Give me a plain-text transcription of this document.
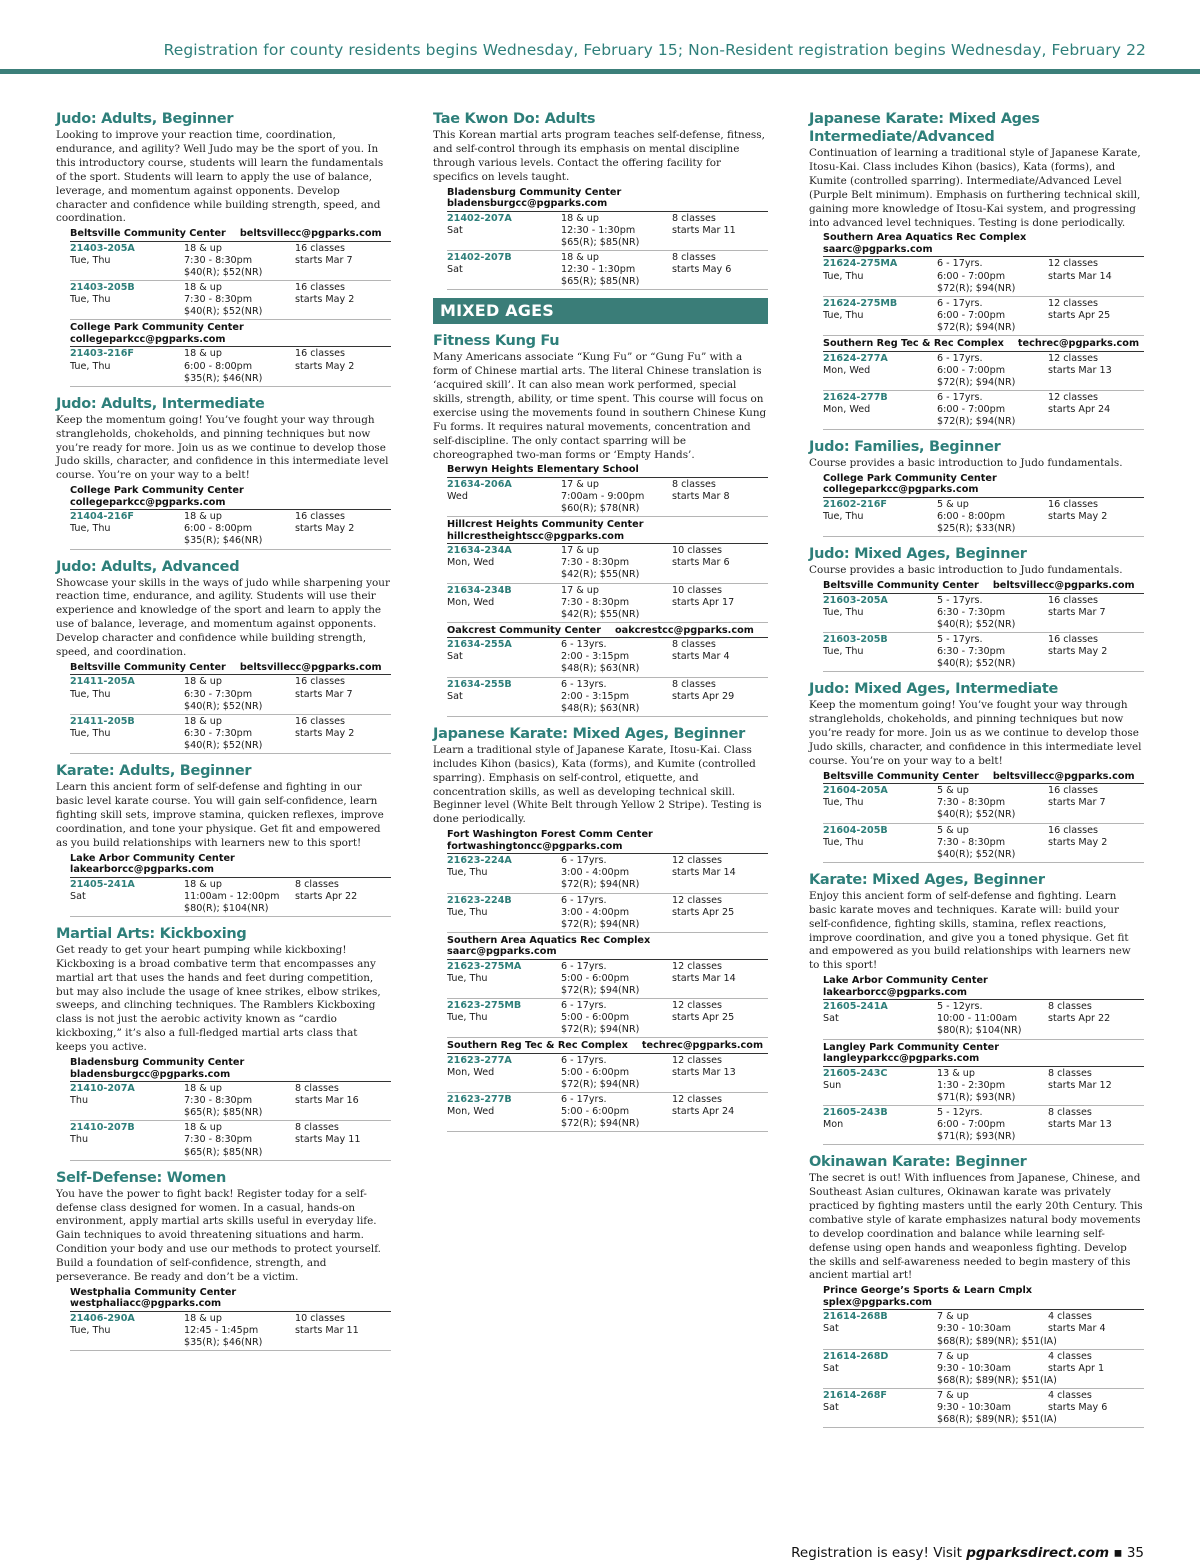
Registration for county residents begins Wednesday, February 15; Non-Resident registration begins Wednesday, February 22
Judo: Adults, Beginner
Looking to improve your reaction time, coordination, endurance, and agility? Well Judo may be the sport of you. In this introductory course, students will learn the fundamentals of the sport. Students will learn to apply the use of balance, leverage, and momentum against opponents. Develop character and confidence while building strength, speed, and coordination.
Beltsville Community Center beltsvillecc@pgparks.com
21403-205A
Tue, Thu
18 & up
7:30 - 8:30pm
$40(R); $52(NR)
16 classes
starts Mar 7
21403-205B
Tue, Thu
18 & up
7:30 - 8:30pm
$40(R); $52(NR)
16 classes
starts May 2
College Park Community Center
collegeparkcc@pgparks.com
21403-216F
Tue, Thu
18 & up
6:00 - 8:00pm
$35(R); $46(NR)
16 classes
starts May 2
Judo: Adults, Intermediate
Keep the momentum going! You’ve fought your way through strangleholds, chokeholds, and pinning techniques but now you’re ready for more. Join us as we continue to develop those Judo skills, character, and confidence in this intermediate level course. You’re on your way to a belt!
College Park Community Center
collegeparkcc@pgparks.com
21404-216F
Tue, Thu
18 & up
6:00 - 8:00pm
$35(R); $46(NR)
16 classes
starts May 2
Judo: Adults, Advanced
Showcase your skills in the ways of judo while sharpening your reaction time, endurance, and agility. Students will use their experience and knowledge of the sport and learn to apply the use of balance, leverage, and momentum against opponents. Develop character and confidence while building strength, speed, and coordination.
Beltsville Community Center beltsvillecc@pgparks.com
21411-205A
Tue, Thu
18 & up
6:30 - 7:30pm
$40(R); $52(NR)
16 classes
starts Mar 7
21411-205B
Tue, Thu
18 & up
6:30 - 7:30pm
$40(R); $52(NR)
16 classes
starts May 2
Karate: Adults, Beginner
Learn this ancient form of self-defense and fighting in our basic level karate course. You will gain self-confidence, learn fighting skill sets, improve stamina, quicken reflexes, improve coordination, and tone your physique. Get fit and empowered as you build relationships with learners new to this sport!
Lake Arbor Community Center
lakearborcc@pgparks.com
21405-241A
Sat
18 & up
11:00am - 12:00pm
$80(R); $104(NR)
8 classes
starts Apr 22
Martial Arts: Kickboxing
Get ready to get your heart pumping while kickboxing! Kickboxing is a broad combative term that encompasses any martial art that uses the hands and feet during competition, but may also include the usage of knee strikes, elbow strikes, sweeps, and clinching techniques. The Ramblers Kickboxing class is not just the aerobic activity known as “cardio kickboxing,” it’s also a full-fledged martial arts class that keeps you active.
Bladensburg Community Center
bladensburgcc@pgparks.com
21410-207A
Thu
18 & up
7:30 - 8:30pm
$65(R); $85(NR)
8 classes
starts Mar 16
21410-207B
Thu
18 & up
7:30 - 8:30pm
$65(R); $85(NR)
8 classes
starts May 11
Self-Defense: Women
You have the power to fight back! Register today for a self-defense class designed for women. In a casual, hands-on environment, apply martial arts skills useful in everyday life. Gain techniques to avoid threatening situations and harm. Condition your body and use our methods to protect yourself. Build a foundation of self-confidence, strength, and perseverance. Be ready and don’t be a victim.
Westphalia Community Center
westphaliacc@pgparks.com
21406-290A
Tue, Thu
18 & up
12:45 - 1:45pm
$35(R); $46(NR)
10 classes
starts Mar 11
Tae Kwon Do: Adults
This Korean martial arts program teaches self-defense, fitness, and self-control through its emphasis on mental discipline through various levels. Contact the offering facility for specifics on levels taught.
Bladensburg Community Center
bladensburgcc@pgparks.com
21402-207A
Sat
18 & up
12:30 - 1:30pm
$65(R); $85(NR)
8 classes
starts Mar 11
21402-207B
Sat
18 & up
12:30 - 1:30pm
$65(R); $85(NR)
8 classes
starts May 6
MIXED AGES
Fitness Kung Fu
Many Americans associate “Kung Fu” or “Gung Fu” with a form of Chinese martial arts. The literal Chinese translation is ‘acquired skill’. It can also mean work performed, special skills, strength, ability, or time spent. This course will focus on exercise using the movements found in southern Chinese Kung Fu forms. It requires natural movements, concentration and self-discipline. The only contact sparring will be choreographed two-man forms or ‘Empty Hands’.
Berwyn Heights Elementary School
21634-206A
Wed
17 & up
7:00am - 9:00pm
$60(R); $78(NR)
8 classes
starts Mar 8
Hillcrest Heights Community Center
hillcrestheightscc@pgparks.com
21634-234A
Mon, Wed
17 & up
7:30 - 8:30pm
$42(R); $55(NR)
10 classes
starts Mar 6
21634-234B
Mon, Wed
17 & up
7:30 - 8:30pm
$42(R); $55(NR)
10 classes
starts Apr 17
Oakcrest Community Center oakcrestcc@pgparks.com
21634-255A
Sat
6 - 13yrs.
2:00 - 3:15pm
$48(R); $63(NR)
8 classes
starts Mar 4
21634-255B
Sat
6 - 13yrs.
2:00 - 3:15pm
$48(R); $63(NR)
8 classes
starts Apr 29
Japanese Karate: Mixed Ages, Beginner
Learn a traditional style of Japanese Karate, Itosu-Kai. Class includes Kihon (basics), Kata (forms), and Kumite (controlled sparring). Emphasis on self-control, etiquette, and concentration skills, as well as developing technical skill. Beginner level (White Belt through Yellow 2 Stripe). Testing is done periodically.
Fort Washington Forest Comm Center
fortwashingtoncc@pgparks.com
21623-224A
Tue, Thu
6 - 17yrs.
3:00 - 4:00pm
$72(R); $94(NR)
12 classes
starts Mar 14
21623-224B
Tue, Thu
6 - 17yrs.
3:00 - 4:00pm
$72(R); $94(NR)
12 classes
starts Apr 25
Southern Area Aquatics Rec Complex
saarc@pgparks.com
21623-275MA
Tue, Thu
6 - 17yrs.
5:00 - 6:00pm
$72(R); $94(NR)
12 classes
starts Mar 14
21623-275MB
Tue, Thu
6 - 17yrs.
5:00 - 6:00pm
$72(R); $94(NR)
12 classes
starts Apr 25
Southern Reg Tec & Rec Complex techrec@pgparks.com
21623-277A
Mon, Wed
6 - 17yrs.
5:00 - 6:00pm
$72(R); $94(NR)
12 classes
starts Mar 13
21623-277B
Mon, Wed
6 - 17yrs.
5:00 - 6:00pm
$72(R); $94(NR)
12 classes
starts Apr 24
Japanese Karate: Mixed Ages Intermediate/Advanced
Continuation of learning a traditional style of Japanese Karate, Itosu-Kai. Class includes Kihon (basics), Kata (forms), and Kumite (controlled sparring). Intermediate/Advanced Level (Purple Belt minimum). Emphasis on furthering technical skill, gaining more knowledge of Itosu-Kai system, and progressing into advanced level techniques. Testing is done periodically.
Southern Area Aquatics Rec Complex
saarc@pgparks.com
21624-275MA
Tue, Thu
6 - 17yrs.
6:00 - 7:00pm
$72(R); $94(NR)
12 classes
starts Mar 14
21624-275MB
Tue, Thu
6 - 17yrs.
6:00 - 7:00pm
$72(R); $94(NR)
12 classes
starts Apr 25
Southern Reg Tec & Rec Complex techrec@pgparks.com
21624-277A
Mon, Wed
6 - 17yrs.
6:00 - 7:00pm
$72(R); $94(NR)
12 classes
starts Mar 13
21624-277B
Mon, Wed
6 - 17yrs.
6:00 - 7:00pm
$72(R); $94(NR)
12 classes
starts Apr 24
Judo: Families, Beginner
Course provides a basic introduction to Judo fundamentals.
College Park Community Center
collegeparkcc@pgparks.com
21602-216F
Tue, Thu
5 & up
6:00 - 8:00pm
$25(R); $33(NR)
16 classes
starts May 2
Judo: Mixed Ages, Beginner
Course provides a basic introduction to Judo fundamentals.
Beltsville Community Center beltsvillecc@pgparks.com
21603-205A
Tue, Thu
5 - 17yrs.
6:30 - 7:30pm
$40(R); $52(NR)
16 classes
starts Mar 7
21603-205B
Tue, Thu
5 - 17yrs.
6:30 - 7:30pm
$40(R); $52(NR)
16 classes
starts May 2
Judo: Mixed Ages, Intermediate
Keep the momentum going! You’ve fought your way through strangleholds, chokeholds, and pinning techniques but now you’re ready for more. Join us as we continue to develop those Judo skills, character, and confidence in this intermediate level course. You’re on your way to a belt!
Beltsville Community Center beltsvillecc@pgparks.com
21604-205A
Tue, Thu
5 & up
7:30 - 8:30pm
$40(R); $52(NR)
16 classes
starts Mar 7
21604-205B
Tue, Thu
5 & up
7:30 - 8:30pm
$40(R); $52(NR)
16 classes
starts May 2
Karate: Mixed Ages, Beginner
Enjoy this ancient form of self-defense and fighting. Learn basic karate moves and techniques. Karate will: build your self-confidence, fighting skills, stamina, reflex reactions, improve coordination, and give you a toned physique. Get fit and empowered as you build relationships with learners new to this sport!
Lake Arbor Community Center
lakearborcc@pgparks.com
21605-241A
Sat
5 - 12yrs.
10:00 - 11:00am
$80(R); $104(NR)
8 classes
starts Apr 22
Langley Park Community Center
langleyparkcc@pgparks.com
21605-243C
Sun
13 & up
1:30 - 2:30pm
$71(R); $93(NR)
8 classes
starts Mar 12
21605-243B
Mon
5 - 12yrs.
6:00 - 7:00pm
$71(R); $93(NR)
8 classes
starts Mar 13
Okinawan Karate: Beginner
The secret is out! With influences from Japanese, Chinese, and Southeast Asian cultures, Okinawan karate was privately practiced by fighting masters until the early 20th Century. This combative style of karate emphasizes natural body movements to develop coordination and balance while learning self-defense using open hands and weaponless fighting. Develop the skills and self-awareness needed to begin mastery of this ancient martial art!
Prince George’s Sports & Learn Cmplx
splex@pgparks.com
21614-268B
Sat
7 & up
9:30 - 10:30am
$68(R); $89(NR); $51(IA)
4 classes
starts Mar 4
21614-268D
Sat
7 & up
9:30 - 10:30am
$68(R); $89(NR); $51(IA)
4 classes
starts Apr 1
21614-268F
Sat
7 & up
9:30 - 10:30am
$68(R); $89(NR); $51(IA)
4 classes
starts May 6
Registration is easy! Visit pgparksdirect.com ▪ 35
